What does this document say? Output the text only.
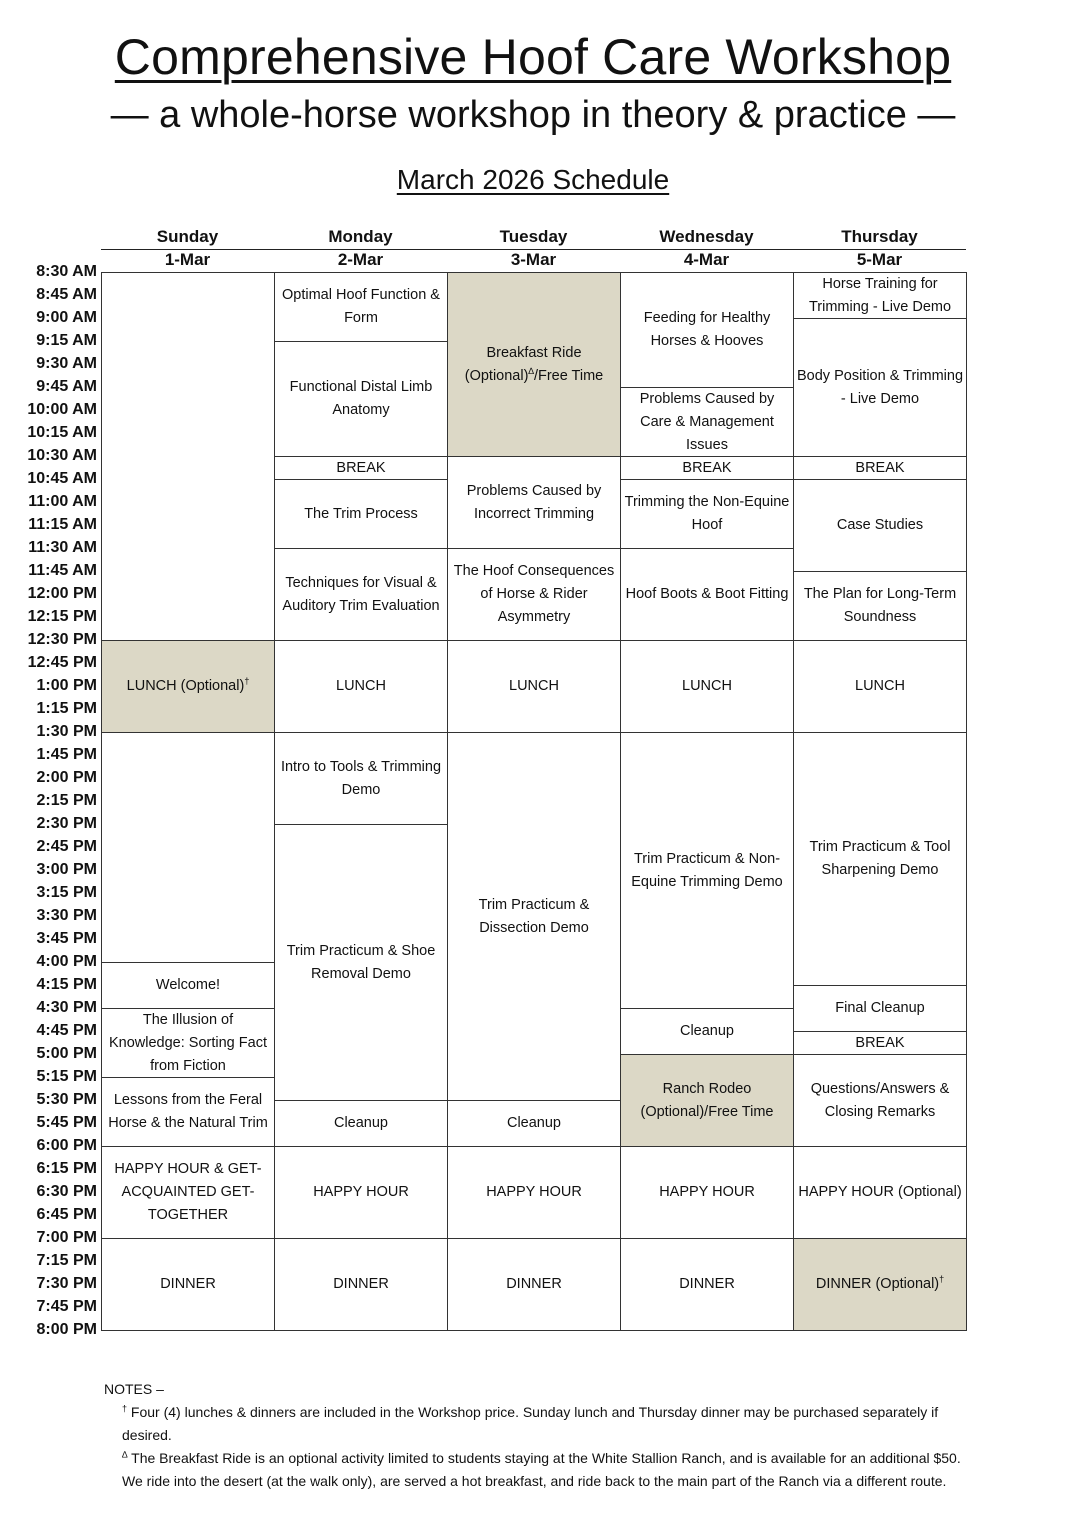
Comprehensive Hoof Care Workshop
— a whole-horse workshop in theory & practice —
March 2026 Schedule
Sunday
1-Mar
Monday
2-Mar
Tuesday
3-Mar
Wednesday
4-Mar
Thursday
5-Mar
8:30 AM
8:45 AM
9:00 AM
9:15 AM
9:30 AM
9:45 AM
10:00 AM
10:15 AM
10:30 AM
10:45 AM
11:00 AM
11:15 AM
11:30 AM
11:45 AM
12:00 PM
12:15 PM
12:30 PM
12:45 PM
1:00 PM
1:15 PM
1:30 PM
1:45 PM
2:00 PM
2:15 PM
2:30 PM
2:45 PM
3:00 PM
3:15 PM
3:30 PM
3:45 PM
4:00 PM
4:15 PM
4:30 PM
4:45 PM
5:00 PM
5:15 PM
5:30 PM
5:45 PM
6:00 PM
6:15 PM
6:30 PM
6:45 PM
7:00 PM
7:15 PM
7:30 PM
7:45 PM
8:00 PM
LUNCH (Optional)†
Welcome!
The Illusion of Knowledge: Sorting Fact from Fiction
Lessons from the Feral Horse & the Natural Trim
HAPPY HOUR & GET-ACQUAINTED GET-TOGETHER
DINNER
Optimal Hoof Function & Form
Functional Distal Limb Anatomy
BREAK
The Trim Process
Techniques for Visual & Auditory Trim Evaluation
LUNCH
Intro to Tools & Trimming Demo
Trim Practicum & Shoe Removal Demo
Cleanup
HAPPY HOUR
DINNER
Breakfast Ride (Optional)∆/Free Time
Problems Caused by Incorrect Trimming
The Hoof Consequences of Horse & Rider Asymmetry
LUNCH
Trim Practicum & Dissection Demo
Cleanup
HAPPY HOUR
DINNER
Feeding for Healthy Horses & Hooves
Problems Caused by Care & Management Issues
BREAK
Trimming the Non-Equine Hoof
Hoof Boots & Boot Fitting
LUNCH
Trim Practicum & Non-Equine Trimming Demo
Cleanup
Ranch Rodeo (Optional)/Free Time
HAPPY HOUR
DINNER
Horse Training for Trimming - Live Demo
Body Position & Trimming - Live Demo
BREAK
Case Studies
The Plan for Long-Term Soundness
LUNCH
Trim Practicum & Tool Sharpening Demo
Final Cleanup
BREAK
Questions/Answers & Closing Remarks
HAPPY HOUR (Optional)
DINNER (Optional)†
NOTES –
† Four (4) lunches & dinners are included in the Workshop price. Sunday lunch and Thursday dinner may be purchased separately if desired.
∆ The Breakfast Ride is an optional activity limited to students staying at the White Stallion Ranch, and is available for an additional $50. We ride into the desert (at the walk only), are served a hot breakfast, and ride back to the main part of the Ranch via a different route.
